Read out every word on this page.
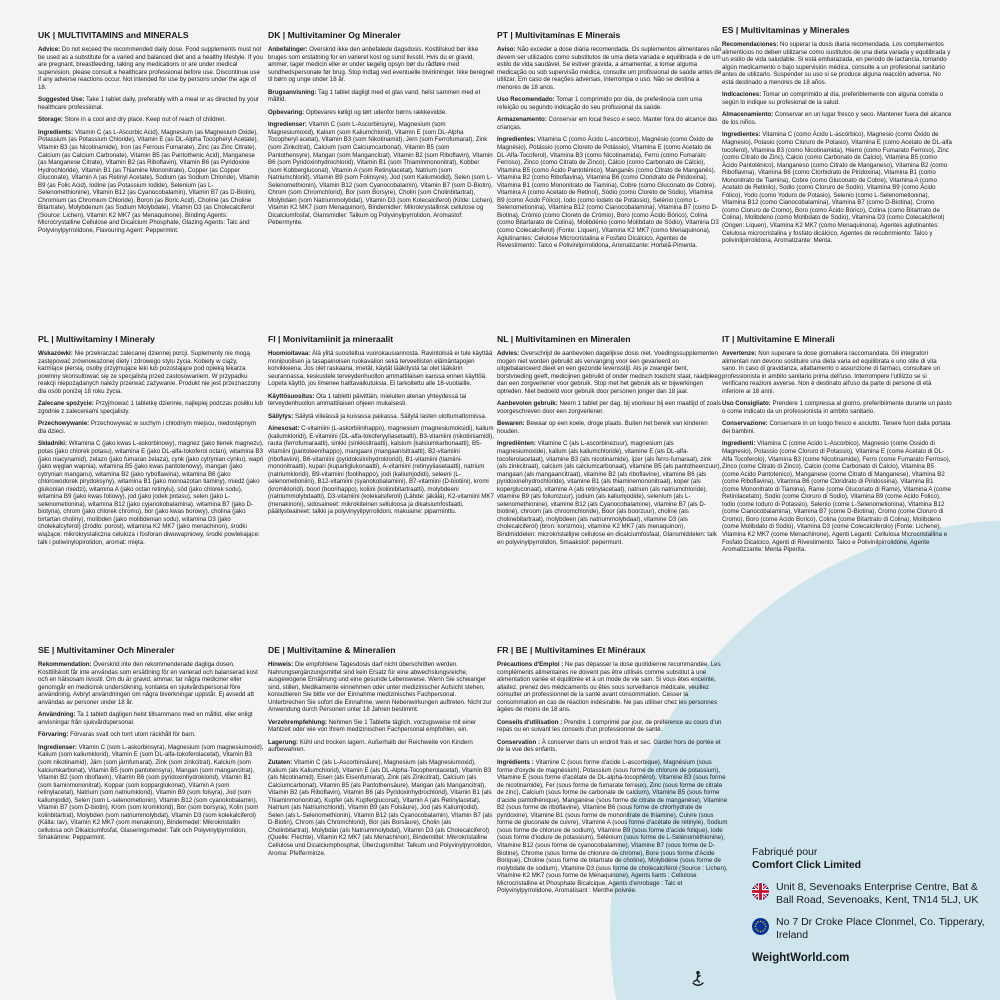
UK | MULTIVITAMINS and MINERALS
Advice: Do not exceed the recommended daily dose. Food supplements must not be used as a substitute for a varied and balanced diet and a healthy lifestyle. If you are pregnant, breastfeeding, taking any medications or are under medical supervision, please consult a healthcare professional before use. Discontinue use if any adverse reactions occur. Not intended for use by persons under the age of 18.
Suggested Use: Take 1 tablet daily, preferably with a meal or as directed by your healthcare professional.
Storage: Store in a cool and dry place. Keep out of reach of children.
Ingredients: Vitamin C (as L-Ascorbic Acid), Magnesium (as Magnesium Oxide), Potassium (as Potassium Chloride), Vitamin E (as DL-Alpha Tocopheryl Acetate), Vitamin B3 (as Nicotinamide), Iron (as Ferrous Fumarate), Zinc (as Zinc Citrate), Calcium (as Calcium Carbonate), Vitamin B5 (as Pantothenic Acid), Manganese (as Manganese Citrate), Vitamin B2 (as Riboflavin), Vitamin B6 (as Pyridoxine Hydrochloride), Vitamin B1 (as Thiamine Mononitrate), Copper (as Copper Gluconate), Vitamin A (as Retinyl Acetate), Sodium (as Sodium Chloride), Vitamin B9 (as Folic Acid), Iodine (as Potassium Iodide), Selenium (as L-Selenomethionine), Vitamin B12 (as Cyanocobalamin), Vitamin B7 (as D-Biotin), Chromium (as Chromium Chloride), Boron (as Boric Acid), Choline (as Choline Bitartrate), Molybdenum (as Sodium Molybdate), Vitamin D3 (as Cholecalciferol (Source: Lichen), Vitamin K2 MK7 (as Menaquinone), Binding Agents: Microcrystalline Cellulose and Dicalcium Phosphate, Glazing Agents: Talc and Polyvinylpyrrolidone, Flavouring Agent: Peppermint.
DK | Multivitaminer Og Mineraler
Anbefalinger: Overskrid ikke den anbefalede dagsdosis. Kosttilskud bør ikke bruges som erstatning for en varieret kost og sund livsstil. Hvis du er gravid, ammer, tager medicin eller er under lægelig opsyn bør du rådføre med sundhedspersonale før brug. Stop indtag ved eventuelle bivirkninger. Ikke beregnet til børn og unge under 18 år.
Brugsanvisning: Tag 1 tablet dagligt med et glas vand, helst sammen med et måltid.
Opbevaring: Opbevares køligt og tørt udenfor børns rækkevidde.
Ingredienser: Vitamin C (som L-Ascorbinsyre), Magnesium (som Magnesiumoxid), Kalium (som Kaliumchlorid), Vitamin E (som DL-Alpha Tocopheryl acetat), Vitamin B3 (som Nikotinamid), Jern (som Ferrofumarat), Zink (som Zinkcitrat), Calcium (som Calciumcarbonat), Vitamin B5 (som Pantothensyre), Mangan (som Mangancitrat), Vitamin B2 (som Riboflavin), Vitamin B6 (som Pyridoxinhydrochlorid), Vitamin B1 (som Thiaminmononitrat), Kobber (som Kobbergluconat), Vitamin A (som Retinylacetat), Natrium (som Natriumchlorid), Vitamin B9 (som Folinsyre), Jod (som Kaliumiodid), Selen (som L-Selenomethionin), Vitamin B12 (som Cyanocobalamin), Vitamin B7 (som D-Biotin), Chrom (som Chromchlorid), Bor (som Borsyre), Cholin (som Cholinbitartrat), Molybdæn (som Natriummolybdat), Vitamin D3 (som Kolecalciferol) (Kilde: Lichen), Vitamin K2 MK7 (som Menaquinon), Bindemidler: Mikrokrystallinsk cellulose og Dicalciumfosfat, Glansmidler: Talkum og Polyvinylpyrrolidon, Aromastof: Pebermynte.
PT | Multivitamínas E Minerais
Aviso: Não exceder a dose diária recomendada. Os suplementos alimentares não devem ser utilizados como substitutos de uma dieta variada e equilibrada e de um estilo de vida saudável. Se estiver grávida, a amamentar, a tomar alguma medicação ou sob supervisão médica, consulte um profissional de saúde antes de utilizar. Em caso de reações adversas, interrompa o uso. Não se destina a menores de 18 anos.
Uso Recomendado: Tomar 1 comprimido por dia, de preferência com uma refeição ou segundo indicação do seu profissional da saúde.
Armazenamento: Conservar em local fresco e seco. Manter fora do alcance das crianças.
Ingredientes: Vitamina C (como Ácido L-ascórbico), Magnésio (como Óxido de Magnésio), Potássio (como Cloreto de Potássio), Vitamina E (como Acetato de DL-Alfa-Tocoferol), Vitamina B3 (como Nicotinamida), Ferro (como Fumarato Ferroso), Zinco (como Citrato de Zinco), Cálcio (como Carbonato de Cálcio), Vitamina B5 (como Ácido Pantoténico), Manganês (como Citrato de Manganês), Vitamina B2 (como Riboflavina), Vitamina B6 (como Cloridrato de Piridoxina), Vitamina B1 (como Mononitrato de Tiamina), Cobre (como Gluconato de Cobre), Vitamina A (como Acetato de Retinol), Sódio (como Cloreto de Sódio), Vitamina B9 (como Ácido Fólico), Iodo (como Iodeto de Potássio), Selénio (como L-Selenometionina), Vitamina B12 (como Cianocobalamina), Vitamina B7 (como D-Biotina), Crómio (como Cloreto de Crómio), Boro (como Ácido Bórico), Colina (como Bitartarato de Colina), Molibdénio (como Molibdato de Sódio), Vitamina D3 (como Colecalciferol) (Fonte: Líquen), Vitamina K2 MK7 (como Menaquinona), Aglutinantes: Celulose Microcristalina e Fosfato Dicálcico, Agentes de Revestimento: Talco e Polivinilpirrolidona, Aromatizante: Hortelã-Pimenta.
ES | Multivitaminas y Minerales
Recomendaciones: No superar la dosis diaria recomendada. Los complementos alimenticios no deben utilizarse como sustitutos de una dieta variada y equilibrada y un estilo de vida saludable. Si está embarazada, en periodo de lactancia, tomando algún medicamento o bajo supervisión médica, consulte a un profesional sanitario antes de utilizarlo. Suspender su uso si se produce alguna reacción adversa. No está destinado a menores de 18 años.
Indicaciones: Tomar un comprimido al día, preferiblemente con alguna comida o según lo indique su profesional de la salud.
Almacenamiento: Conservar en un lugar fresco y seco. Mantener fuera del alcance de los niños.
Ingredientes: Vitamina C (como Ácido L-ascórbico), Magnesio (como Óxido de Magnesio), Potasio (como Cloruro de Potasio), Vitamina E (como Acetato de DL-alfa tocoferol), Vitamina B3 (como Nicotinamida), Hierro (como Fumarato Ferroso), Zinc (como Citrato de Zinc), Calcio (como Carbonato de Calcio), Vitamina B5 (como Ácido Pantoténico), Manganeso (como Citrato de Manganeso), Vitamina B2 (como Riboflavina), Vitamina B6 (como Clorhidrato de Piridoxina), Vitamina B1 (como Mononitrato de Tiamina), Cobre (como Gluconato de Cobre), Vitamina A (como Acetato de Retinilo), Sodio (como Cloruro de Sodio), Vitamina B9 (como Ácido Fólico), Yodo (como Yoduro de Potasio), Selenio (como L-Selenometionina), Vitamina B12 (como Cianocobalamina), Vitamina B7 (como D-Biotina), Cromo (como Cloruro de Cromo), Boro (como Ácido Bórico), Colina (como Bitartrato de Colina), Molibdeno (como Molibdato de Sodio), Vitamina D3 (como Colecalciferol) (Origen: Liquen), Vitamina K2 MK7 (como Menaquinona), Agentes aglutinantes: Celulosa microcristalina y fosfato dicálcico, Agentes de recubrimiento: Talco y polivinilpirrolidona, Aromatizante: Menta.
PL | Multiwitaminy I Minerały
Wskazówki: Nie przekraczać zalecanej dziennej porcji. Suplementy nie mogą zastępować zrównoważonej diety i zdrowego stylu życia. Kobiety w ciąży, karmiące piersią, osoby przyjmujące leki lub pozostające pod opieką lekarza powinny skonsultować się ze specjalistą przed zastosowaniem. W przypadku reakcji niepożądanych należy przerwać zażywanie. Produkt nie jest przeznaczony dla osób poniżej 18 roku życia.
Zalecane spożycie: Przyjmować 1 tabletkę dziennie, najlepiej podczas posiłku lub zgodnie z zaleceniami specjalisty.
Przechowywanie: Przechowywać w suchym i chłodnym miejscu, niedostępnym dla dzieci.
Składniki: Witamina C (jako kwas L-askorbinowy), magnez (jako tlenek magnezu), potas (jako chlorek potasu), witamina E (jako DL-alfa-tokoferol octan), witamina B3 (jako niacynamid), żelazo (jako fumaran żelaza), cynk (jako cytrynian cynku), wapń (jako węglan wapnia), witamina B5 (jako kwas pantotenowy), mangan (jako cytrynian manganu), witamina B2 (jako ryboflawina), witamina B6 (jako chlorowodorek pirydoksyny), witamina B1 (jako monoazotan tiaminy), miedź (jako glukonian miedzi), witamina A (jako octan retinylu), sód (jako chlorek sodu), witamina B9 (jako kwas foliowy), jod (jako jodek potasu), selen (jako L-selenometionina), witamina B12 (jako cyjanokobalamina), witamina B7 (jako D-biotyna), chrom (jako chlorek chromu), bor (jako kwas borowy), cholina (jako birtartan choliny), molibden (jako molibdenian sodu), witamina D3 (jako cholekalcyferol) (źródło: porost), witamina K2 MK7 (jako menachinon), środki wiążące: mikrokrystaliczna celuloza i fosforan diwuwapniowy, środki powlekające: talk i poliwinylopirolidon, aromat: mięta.
FI | Monivitamiinit ja mineraalit
Huomioitavaa: Älä ylitä suositeltua vuorokausiannosta. Ravintolisiä ei tule käyttää monipuolisen ja tasapainoisen ruokavalion sekä terveellisten elämäntapojen korvikkeena. Jos olet raskaana, imetät, käytät lääkitystä tai olet lääkärin seurannassa, keskustele terveydenhuollon ammattilaisen kanssa ennen käyttöä. Lopeta käyttö, jos ilmenee haittavaikutuksia. Ei tarkoitettu alle 18-vuotiaille.
Käyttösuositus: Ota 1 tabletti päivittäin, mieluiten aterian yhteydessä tai terveydenhuollon ammattilaisen ohjeen mukaisesti.
Säilytys: Säilytä viileässä ja kuivassa paikassa. Säilytä lasten ulottumattomissa.
Ainesosat: C-vitamiini (L-askorbiinihappo), magnesium (magnesiumoksidi), kalium (kaliumkloridi), E-vitamiini (DL-alfa-tokoferyyliasetaatti), B3-vitamiini (nikotiiniamidi), rauta (ferrofumaraatti), sinkki (sinkkisitraatti), kalsium (kalsiumkarbonaatti), B5-vitamiini (pantoteenihappo), mangaani (mangaanisitraatti), B2-vitamiini (riboflaviini), B6-vitamiini (pyridoksiinihydrokloridi), B1-vitamiini (tiamiini-mononitraatti), kupari (kuparliglukonaatti), A-vitamiini (retinyyliasetaatti), natrium (natriumkloridi), B9-vitamiini (foolihappo), jodi (kaliumjodidi), seleeni (L-selenometioniini), B12-vitamiini (syanokobalamiini), B7-vitamiini (D-biotiini), kromi (kromikloridi), boori (boorihappo), koliini (koliinibitartraatti), molybdeeni (natriummolybdaatti), D3-vitamiini (kolekalsiferoli) (Lähde: jäkälä), K2-vitamiini MK7 (menakinoni), sidosaineet: mikrokiteinen selluloosa ja dikalsiumfosfaatti, päällysteaineet: talkki ja polyvinyylipyrrolidoni, makuaine: piparminttu.
NL | Multivitaminen en Mineralen
Advies: Overschrijd de aanbevolen dagelijkse dosis niet. Voedingssupplementen mogen niet worden gebruikt als vervanging voor een gevarieerd en uitgebalanceerd dieet en een gezonde levensstijl. Als je zwanger bent, borstvoeding geeft, medicijnen gebruikt of onder medisch toezicht staat, raadpleeg dan een zorgverlener voor gebruik. Stop met het gebruik als er bijwerkingen optreden. Niet bedoeld voor gebruik door personen jonger dan 18 jaar.
Aanbevolen gebruik: Neem 1 tablet per dag, bij voorkeur bij een maaltijd of zoals voorgeschreven door een zorgverlener.
Bewaren: Bewaar op een koele, droge plaats. Buiten het bereik van kinderen houden.
Ingrediënten: Vitamine C (als L-ascorbinezuur), magnesium (als magnesiumoxide), kalium (als kaliumchloride), vitamine E (als DL-alfa-tocoferolacetaat), vitamine B3 (als nicotinamide), ijzer (als ferro-fumaraat), zink (als zinkcitraat), calcium (als calciumcarbonaat), vitamine B5 (als pantotheenzuur), mangaan (als mangaancitraat), vitamine B2 (als riboflavine), vitamine B6 (als pyridoxinehydrochloride), vitamine B1 (als thiaminemononitraat), koper (als kopergluconaat), vitamine A (als retinylacetaat), natrium (als natriumchloride), vitamine B9 (als foliumzuur), jodium (als kaliumjodide), selenium (als L-selenomethionine), vitamine B12 (als Cyanocobalamine), vitamine B7 (als D-biotine), chroom (als chroomchloride), Boor (als boorzuur), choline (als cholinebitartraat), molybdeen (als natriummolybdaat), vitamine D3 (als cholecalciferol) (bron: korstmos), vitamine K2 MK7 (als menaquinon), Bindmiddelen: microkristallijne cellulose en dicalciumfosfaat, Glansmiddelen: talk en polyvinylpyrrolidon, Smaakstof: pepermunt.
IT | Multivitamine E Minerali
Avvertenze: Non superare la dose giornaliera raccomandata. Gli integratori alimentari non devono sostituire una dieta varia ed equilibrata e uno stile di vita sano. In caso di gravidanza, allattamento o assunzione di farmaci, consultare un professionista in ambito sanitario prima dell'uso. Interrompere l'utilizzo se si verificano reazioni avverse. Non è destinato all'uso da parte di persone di età inferiore ai 18 anni.
Uso Consigliato: Prendere 1 compressa al giorno, preferibilmente durante un pasto o come indicato da un professionista in ambito sanitario.
Conservazione: Conservare in un luogo fresco e asciutto. Tenere fuori dalla portata dei bambini.
Ingredienti: Vitamina C (come Acido L-Ascorbico), Magnesio (come Ossido di Magnesio), Potassio (come Cloruro di Potassio), Vitamina E (come Acetato di DL-Alfa Tocoferolo), Vitamina B3 (come Nicotinamide), Ferro (come Fumarato Ferroso), Zinco (come Citrato di Zinco), Calcio (come Carbonato di Calcio), Vitamina B5 (come Acido Pantotenico), Manganese (come Citrato di Manganese), Vitamina B2 (come Riboflavina), Vitamina B6 (come Cloridrato di Piridossina), Vitamina B1 (come Mononitrato di Tiamina), Rame (come Gluconato di Rame), Vitamina A (come Retinilacetato), Sodio (come Cloruro di Sodio), Vitamina B9 (come Acido Folico), Iodio (come Ioduro di Potassio), Selenio (come L-Selenometionina), Vitamina B12 (come Cianocobalamina), Vitamina B7 (come D-Biotina), Cromo (come Cloruro di Cromo), Boro (come Acido Borico), Colina (come Bitartrato di Colina), Molibdeno (come Molibdato di Sodio), Vitamina D3 (come Colecalciferolo) (Fonte: Lichene), Vitamina K2 MK7 (come Menachinone), Agenti Leganti: Cellulosa Microcristallina e Fosfato Dicalcico, Agenti di Rivestimento: Talco e Polivinilpirrolidone, Agente Aromatizzante: Menta Piperita.
SE | Multivitaminer Och Mineraler
Rekommendation: Överskrid inte den rekommenderade dagliga dosen. Kosttillskott får inte användas som ersättning för en varierad och balanserad kost och en hälsosam livsstil. Om du är gravid, ammar, tar några mediciner eller genomgår en medicinsk undersökning, kontakta en sjukvårdspersonal före användning. Avbryt användningen om några biverkningar uppstår. Ej avsedd att användas av personer under 18 år.
Användning: Ta 1 tablett dagligen helst tillsammans med en måltid, eller enligt anvisningar från sjukvårdspersonal.
Förvaring: Förvaras svalt och torrt utom räckhåll för barn.
Ingredienser: Vitamin C (som L-askorbinsyra), Magnesium (som magnesiumoxid), Kalium (som kaliumklorid), Vitamin E (som DL-alfa-tokoferolacetat), Vitamin B3 (som nikotinamid), Järn (som järnfumarat), Zink (som zinkcitrat), Kalcium (som kalciumkarbonat), Vitamin B5 (som pantotensyra), Mangan (som mangancitrat), Vitamin B2 (som riboflavin), Vitamin B6 (som pyridoxinhydroklorid), Vitamin B1 (som tiaminmononitrat), Koppar (som kopparglukonat), Vitamin A (som retinylacetat), Natrium (som natriumklorid), Vitamin B9 (som folsyra), Jod (som kaliumjodid), Selen (som L-selenometionin), Vitamin B12 (som cyanokobalamin), Vitamin B7 (som D-biotin), Krom (som kromklorid), Bor (som borsyra), Kolin (som kolinbitartrat), Molybden (som natriummolybdat), Vitamin D3 (som kolekalciferol) (Källa: lav), Vitamin K2 MK7 (som menakinon), Bindemedel: Mikrokristallin cellulosa och Dikalciumfosfat, Glaseringsmedel: Talk och Polyvinylpyrrolidon, Smakämne: Pepparmint.
DE | Multivitamine & Mineralien
Hinweis: Die empfohlene Tagesdosis darf nicht überschritten werden. Nahrungsergänzungsmittel sind kein Ersatz für eine abwechslungsreiche, ausgewogene Ernährung und eine gesunde Lebensweise. Wenn Sie schwanger sind, stillen, Medikamente einnehmen oder unter medizinischer Aufsicht stehen, konsultieren Sie bitte vor der Einnahme medizinisches Fachpersonal. Unterbrechen Sie sofort die Einnahme, wenn Nebenwirkungen auftreten. Nicht zur Anwendung durch Personen unter 18 Jahren bestimmt.
Verzehrempfehlung: Nehmen Sie 1 Tablette täglich, vorzugsweise mit einer Mahlzeit oder wie von Ihrem medizinischen Fachpersonal empfohlen, ein.
Lagerung: Kühl und trocken lagern. Außerhalb der Reichweite von Kindern aufbewahren.
Zutaten: Vitamin C (als L-Ascorbinsäure), Magnesium (als Magnesiumoxid), Kalium (als Kaliumchlorid), Vitamin E (als DL-Alpha-Tocopherolacetat), Vitamin B3 (als Nicotinamid), Eisen (als Eisenfumarat), Zink (als Zinkcitrat), Calcium (als Calciumcarbonat), Vitamin B5 (als Pantothensäure), Mangan (als Mangancitrat), Vitamin B2 (als Riboflavin), Vitamin B6 (als Pyridoxinhydrochlorid), Vitamin B1 (als Thiaminmononitrat), Kupfer (als Kupfergluconat), Vitamin A (als Retinylacetat), Natrium (als Natriumchlorid), Vitamin B9 (als Folsäure), Jod (als Kaliumjodid), Selen (als L-Selenomethionin), Vitamin B12 (als Cyanocobalamin), Vitamin B7 (als D-Biotin), Chrom (als Chromchlorid), Bor (als Borsäure), Cholin (als Cholinbitartrat), Molybdän (als Natriummolybdat), Vitamin D3 (als Cholecalciferol) (Quelle: Flechte), Vitamin K2 MK7 (als Menachinon), Bindemittel: Mikrokristalline Cellulose und Dicalciumphosphat, Überzugsmittel: Talkum und Polyvinylpyrrolidon, Aroma: Pfefferminze.
FR | BE | Multivitamines Et Minéraux
Précautions d'Emploi : Ne pas dépasser la dose quotidienne recommandée. Les compléments alimentaires ne doivent pas être utilisés comme substitut à une alimentation variée et équilibrée et à un mode de vie sain. Si vous êtes enceinte, allaitez, prenez des médicaments ou êtes sous surveillance médicale, veuillez consulter un professionnel de la santé avant consommation. Cesser la consommation en cas de réaction indésirable. Ne pas utiliser chez les personnes âgées de moins de 18 ans.
Conseils d'utilisation : Prendre 1 comprimé par jour, de préférence au cours d'un repas ou en suivant les conseils d'un professionnel de santé.
Conservation : À conserver dans un endroit frais et sec. Garder hors de portée et de la vue des enfants.
Ingrédients : Vitamine C (sous forme d'acide L-ascorbique), Magnésium (sous forme d'oxyde de magnésium), Potassium (sous forme de chlorure de potassium), Vitamine E (sous forme d'acétate de DL-alpha-tocophérol), Vitamine B3 (sous forme de nicotinamide), Fer (sous forme de fumarate ferreux), Zinc (sous forme de citrate de zinc), Calcium (sous forme de carbonate de calcium), Vitamine B5 (sous forme d'acide pantothénique), Manganèse (sous forme de citrate de manganèse), Vitamine B2 (sous forme de riboflavine), Vitamine B6 (sous forme de chlorhydrate de pyridoxine), Vitamine B1 (sous forme de mononitrate de thiamine), Cuivre (sous forme de gluconate de cuivre), Vitamine A (sous forme d'acétate de rétinyle), Sodium (sous forme de chlorure de sodium), Vitamine B9 (sous forme d'acide folique), Iode (sous forme d'iodure de potassium), Sélénium (sous forme de L-Sélénométhionine), Vitamine B12 (sous forme de cyanocobalamine), Vitamine B7 (sous forme de D-Biotine), Chrome (sous forme de chlorure de chrome), Bore (sous forme d'Acide Borique), Choline (sous forme de bitartrate de choline), Molybdène (sous forme de molybdate de sodium), Vitamine D3 (sous forme de cholécalciférol (Source : Lichen), Vitamine K2 MK7 (sous forme de Ménaquinone), Agents liants : Cellulose Microcristalline et Phosphate Bicalcique, Agents d'enrobage : Talc et Polyvinylpyrrolidone, Aromatisant : Menthe poivrée.
Fabriqué pour
Comfort Click Limited
Unit 8, Sevenoaks Enterprise Centre, Bat & Ball Road, Sevenoaks, Kent, TN14 5LJ, UK
No 7 Dr Croke Place Clonmel, Co. Tipperary, Ireland
WeightWorld.com
